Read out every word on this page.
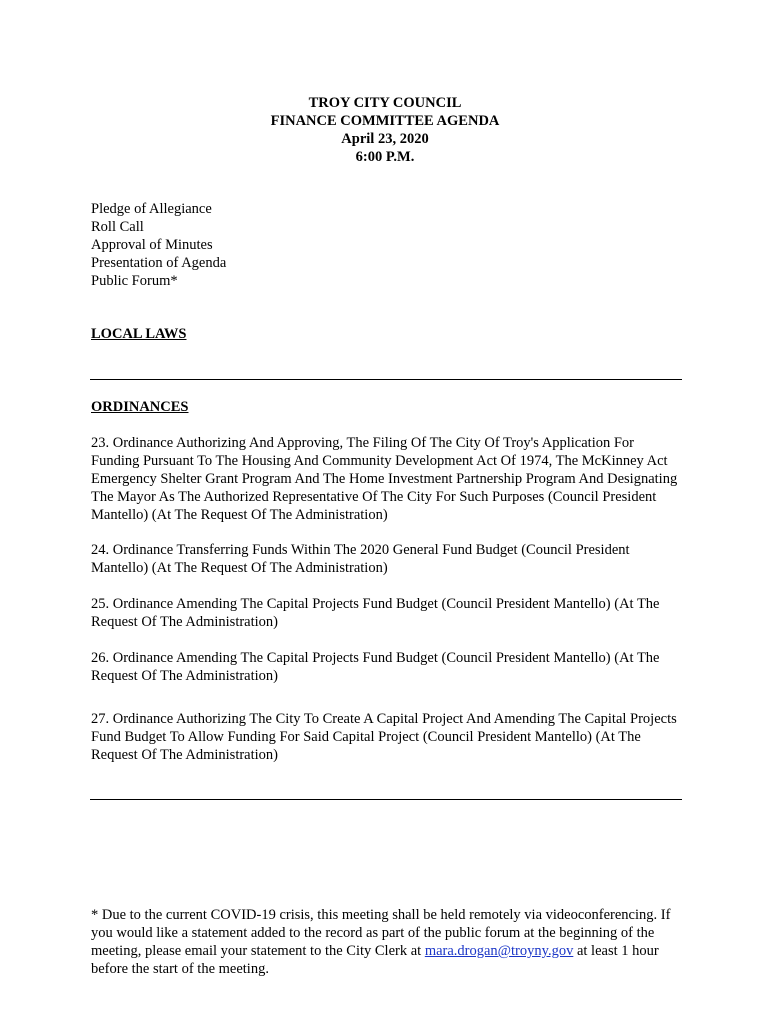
TROY CITY COUNCIL
FINANCE COMMITTEE AGENDA
April 23, 2020
6:00 P.M.
Pledge of Allegiance
Roll Call
Approval of Minutes
Presentation of Agenda
Public Forum*
LOCAL LAWS
ORDINANCES
23. Ordinance Authorizing And Approving, The Filing Of The City Of Troy's Application For Funding Pursuant To The Housing And Community Development Act Of 1974, The McKinney Act Emergency Shelter Grant Program And The Home Investment Partnership Program And Designating The Mayor As The Authorized Representative Of The City For Such Purposes (Council President Mantello) (At The Request Of The Administration)
24. Ordinance Transferring Funds Within The 2020 General Fund Budget (Council President Mantello) (At The Request Of The Administration)
25. Ordinance Amending The Capital Projects Fund Budget (Council President Mantello) (At The Request Of The Administration)
26. Ordinance Amending The Capital Projects Fund Budget (Council President Mantello) (At The Request Of The Administration)
27. Ordinance Authorizing The City To Create A Capital Project And Amending The Capital Projects Fund Budget To Allow Funding For Said Capital Project (Council President Mantello) (At The Request Of The Administration)
* Due to the current COVID-19 crisis, this meeting shall be held remotely via videoconferencing. If you would like a statement added to the record as part of the public forum at the beginning of the meeting, please email your statement to the City Clerk at mara.drogan@troyny.gov at least 1 hour before the start of the meeting.
